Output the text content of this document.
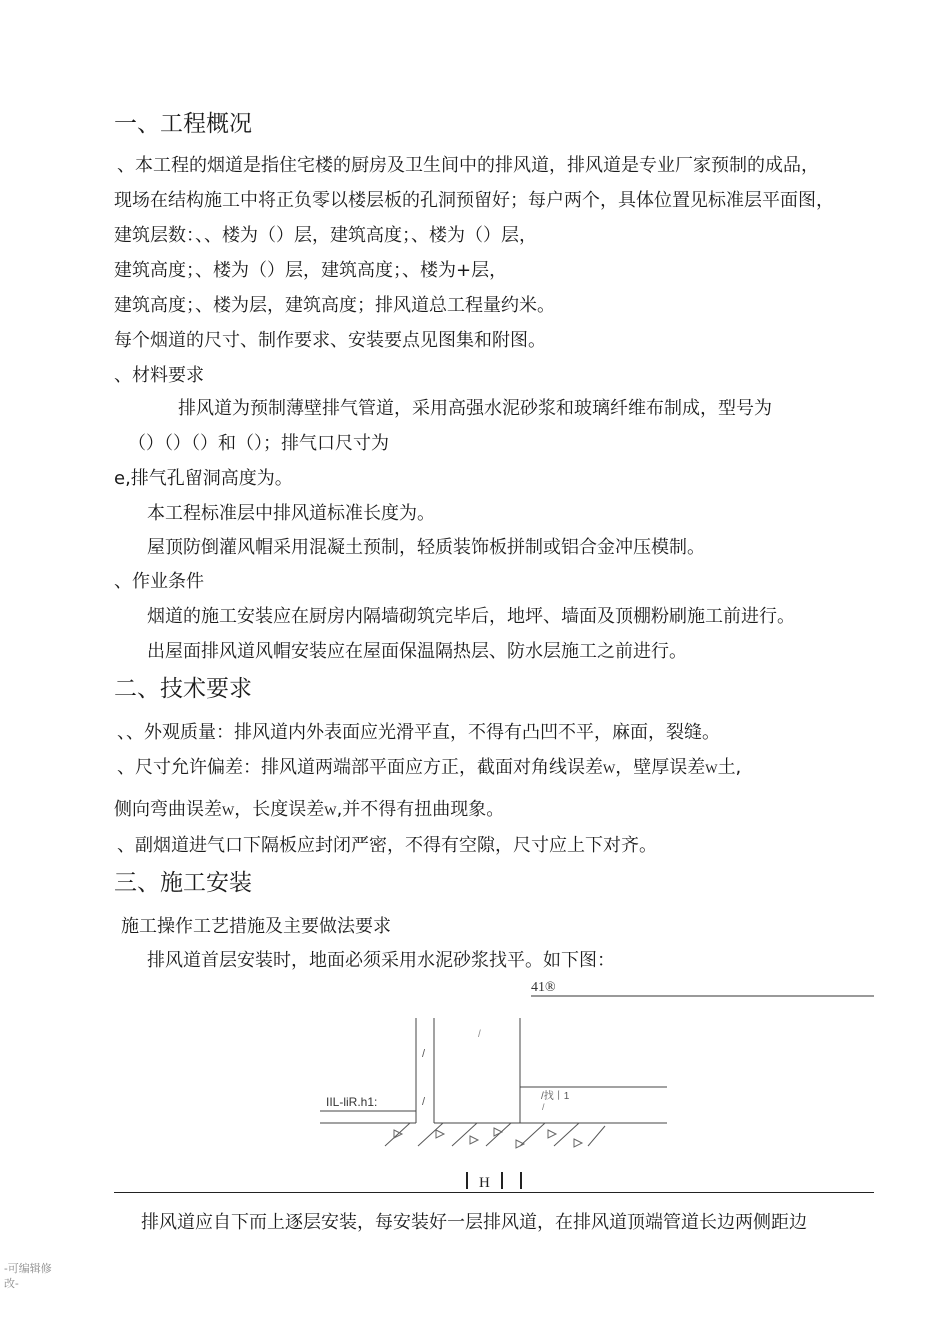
一、工程概况
、本工程的烟道是指住宅楼的厨房及卫生间中的排风道，排风道是专业厂家预制的成品，
现场在结构施工中将正负零以楼层板的孔洞预留好；每户两个，具体位置见标准层平面图，
建筑层数：、、楼为（）层，建筑高度；、楼为（）层，
建筑高度；、楼为（）层，建筑高度；、楼为+层，
建筑高度；、楼为层，建筑高度；排风道总工程量约米。
每个烟道的尺寸、制作要求、安装要点见图集和附图。
、材料要求
排风道为预制薄壁排气管道，采用高强水泥砂浆和玻璃纤维布制成，型号为
（）（）（）和（）；排气口尺寸为
e,排气孔留洞高度为。
本工程标准层中排风道标准长度为。
屋顶防倒灌风帽采用混凝土预制，轻质装饰板拼制或铝合金冲压模制。
、作业条件
烟道的施工安装应在厨房内隔墙砌筑完毕后，地坪、墙面及顶棚粉刷施工前进行。
出屋面排风道风帽安装应在屋面保温隔热层、防水层施工之前进行。
二、技术要求
、、外观质量：排风道内外表面应光滑平直，不得有凸凹不平，麻面，裂缝。
、尺寸允许偏差：排风道两端部平面应方正，截面对角线误差W，壁厚误差W土,
侧向弯曲误差W，长度误差W,并不得有扭曲现象。
、副烟道进气口下隔板应封闭严密，不得有空隙，尺寸应上下对齐。
三、施工安装
施工操作工艺措施及主要做法要求
排风道首层安装时，地面必须采用水泥砂浆找平。如下图：
41®
/
/
/	/找丨1
/
IIL-liR.h1:
H
排风道应自下而上逐层安装，每安装好一层排风道，在排风道顶端管道长边两侧距边
-可编辑修
改-
